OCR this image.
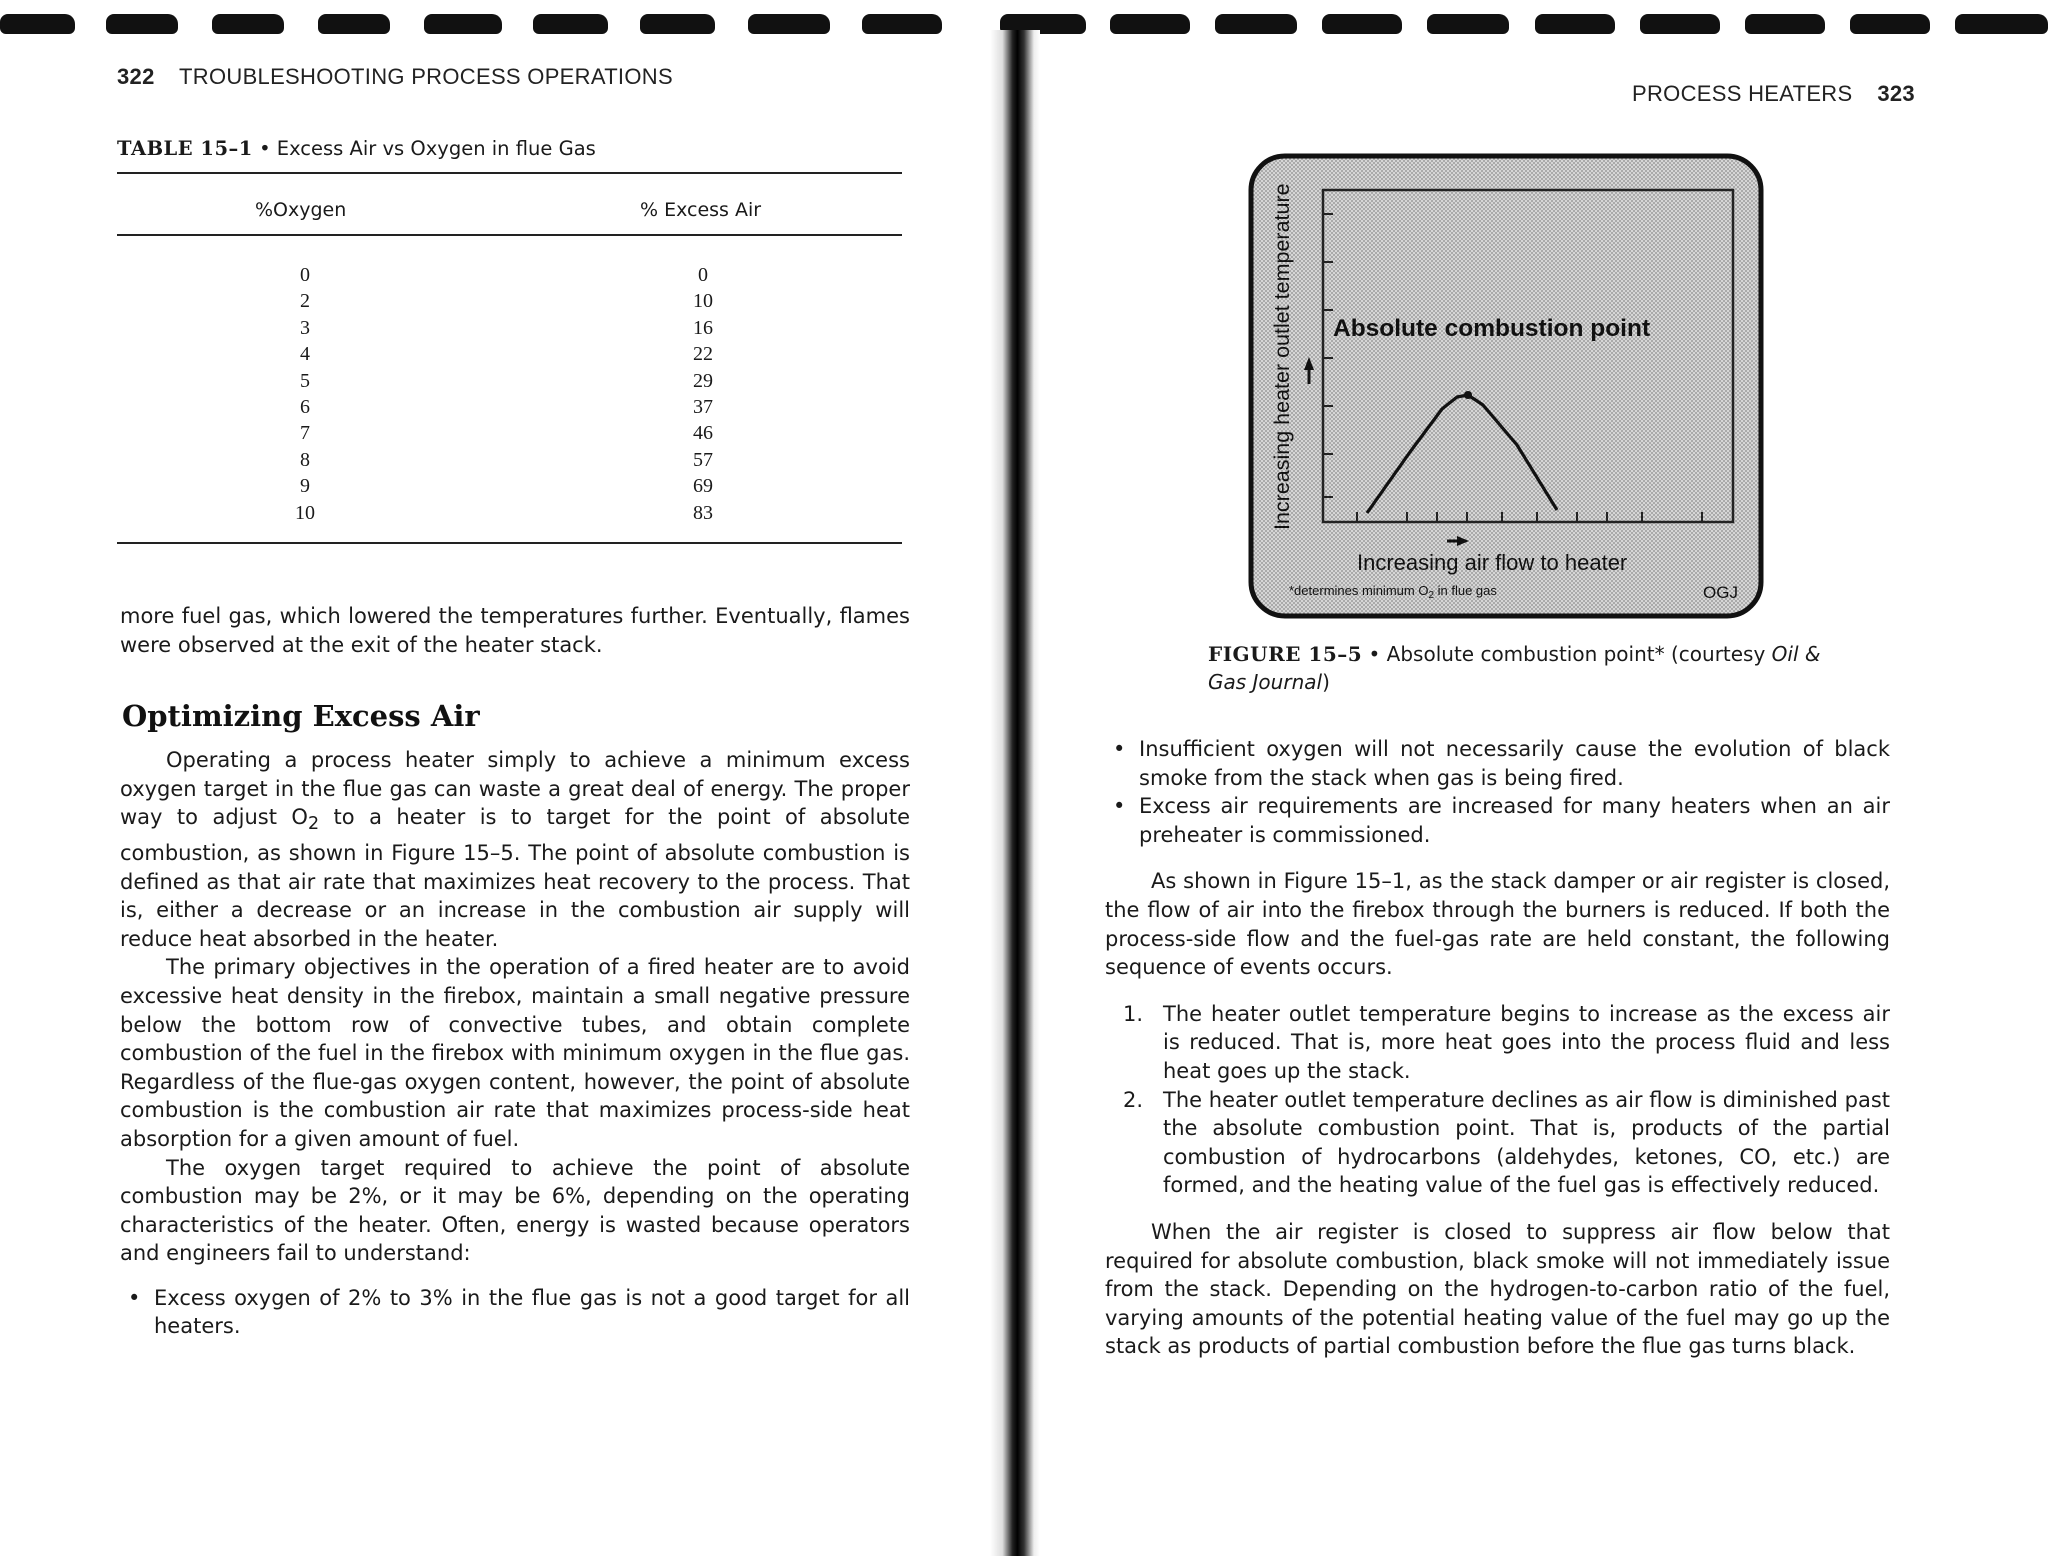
322 TROUBLESHOOTING PROCESS OPERATIONS
TABLE 15–1 • Excess Air vs Oxygen in flue Gas
%Oxygen	% Excess Air
0
2
3
4
5
6
7
8
9
10
0
10
16
22
29
37
46
57
69
83

more fuel gas, which lowered the temperatures further. Eventually, flames were observed at the exit of the heater stack.

Optimizing Excess Air

Operating a process heater simply to achieve a minimum excess oxygen target in the flue gas can waste a great deal of energy. The proper way to adjust $O_2$ to a heater is to target for the point of absolute combustion, as shown in Figure 15–5. The point of absolute combustion is defined as that air rate that maximizes heat recovery to the process. That is, either a decrease or an increase in the combustion air supply will reduce heat absorbed in the heater.

The primary objectives in the operation of a fired heater are to avoid excessive heat density in the firebox, maintain a small negative pressure below the bottom row of convective tubes, and obtain complete combustion of the fuel in the firebox with minimum oxygen in the flue gas. Regardless of the flue-gas oxygen content, however, the point of absolute combustion is the combustion air rate that maximizes process-side heat absorption for a given amount of fuel.

The oxygen target required to achieve the point of absolute combustion may be 2%, or it may be 6%, depending on the operating characteristics of the heater. Often, energy is wasted because operators and engineers fail to understand:

• Excess oxygen of 2% to 3% in the flue gas is not a good target for all heaters.
PROCESS HEATERS 323
Absolute combustion point
Increasing heater outlet temperature
Increasing air flow to heater
*determines minimum $O_2$ in flue gas	OGJ
FIGURE 15–5 • Absolute combustion point* (courtesy Oil & Gas Journal)
• Insufficient oxygen will not necessarily cause the evolution of black smoke from the stack when gas is being fired.
• Excess air requirements are increased for many heaters when an air preheater is commissioned.

As shown in Figure 15–1, as the stack damper or air register is closed, the flow of air into the firebox through the burners is reduced. If both the process-side flow and the fuel-gas rate are held constant, the following sequence of events occurs.

1. The heater outlet temperature begins to increase as the excess air is reduced. That is, more heat goes into the process fluid and less heat goes up the stack.
2. The heater outlet temperature declines as air flow is diminished past the absolute combustion point. That is, products of the partial combustion of hydrocarbons (aldehydes, ketones, CO, etc.) are formed, and the heating value of the fuel gas is effectively reduced.

When the air register is closed to suppress air flow below that required for absolute combustion, black smoke will not immediately issue from the stack. Depending on the hydrogen-to-carbon ratio of the fuel, varying amounts of the potential heating value of the fuel may go up the stack as products of partial combustion before the flue gas turns black.
